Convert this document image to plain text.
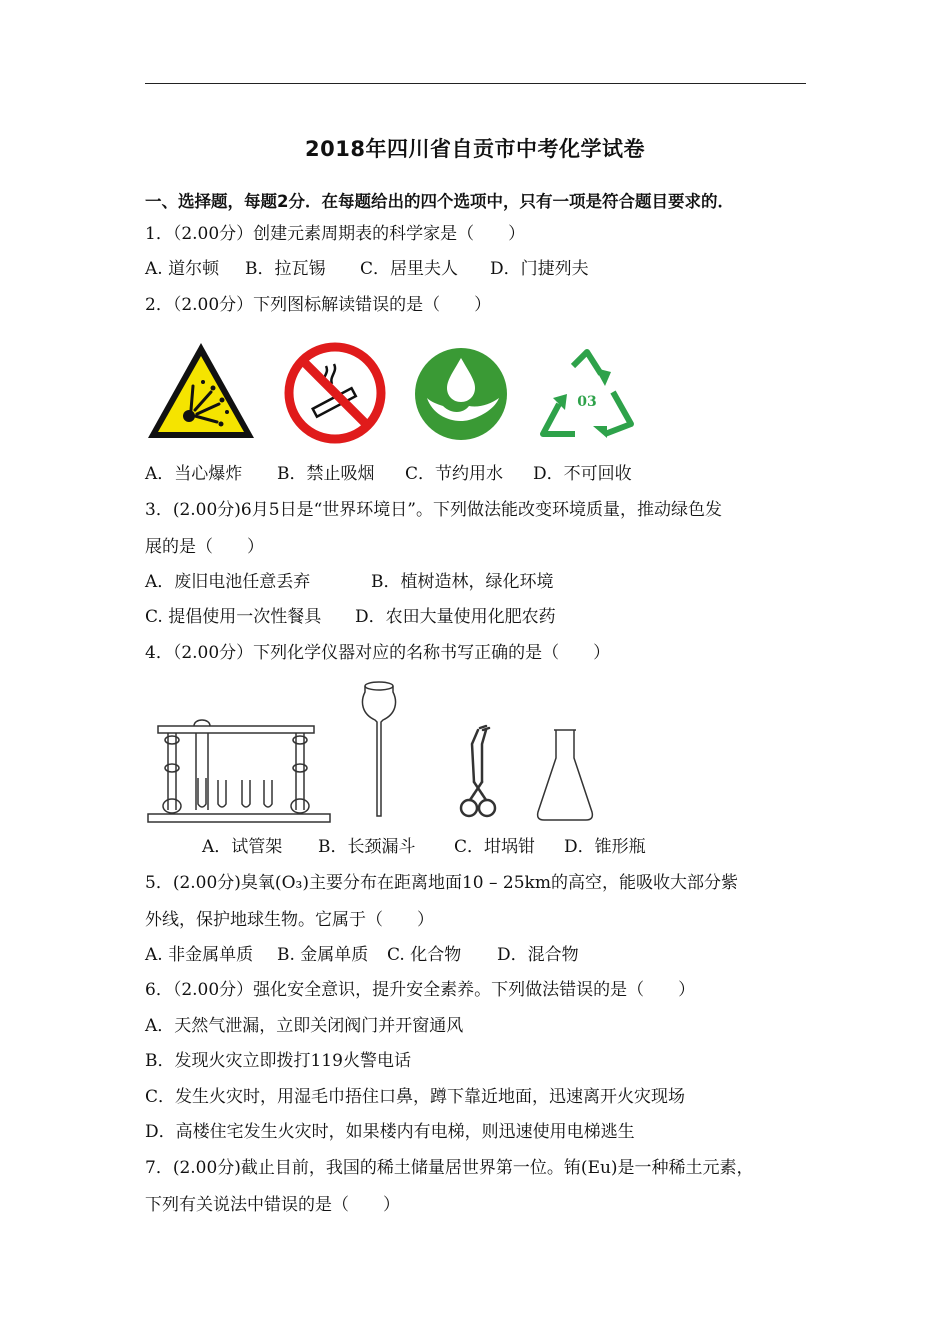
2018年四川省自贡市中考化学试卷
一、选择题，每题2分．在每题给出的四个选项中，只有一项是符合题目要求的．
1．（2.00分）创建元素周期表的科学家是（　　）
A. 道尔顿 B．拉瓦锡 C．居里夫人 D．门捷列夫
2．（2.00分）下列图标解读错误的是（　　）
03
A．当心爆炸 B．禁止吸烟 C．节约用水 D．不可回收
3．(2.00分)6月5日是“世界环境日”。下列做法能改变环境质量，推动绿色发
展的是（　　）
A．废旧电池任意丢弃	B．植树造林，绿化环境
C. 提倡使用一次性餐具 D．农田大量使用化肥农药
4．（2.00分）下列化学仪器对应的名称书写正确的是（　　）
A．试管架 B．长颈漏斗 C．坩埚钳 D．锥形瓶
5．(2.00分)臭氧(O₃)主要分布在距离地面10 – 25km的高空，能吸收大部分紫
外线，保护地球生物。它属于（　　）
A. 非金属单质 B. 金属单质 C. 化合物 D．混合物
6．（2.00分）强化安全意识，提升安全素养。下列做法错误的是（　　）
A．天然气泄漏，立即关闭阀门并开窗通风
B．发现火灾立即拨打119火警电话
C．发生火灾时，用湿毛巾捂住口鼻，蹲下靠近地面，迅速离开火灾现场
D．高楼住宅发生火灾时，如果楼内有电梯，则迅速使用电梯逃生
7．(2.00分)截止目前，我国的稀土储量居世界第一位。铕(Eu)是一种稀土元素，
下列有关说法中错误的是（　　）
